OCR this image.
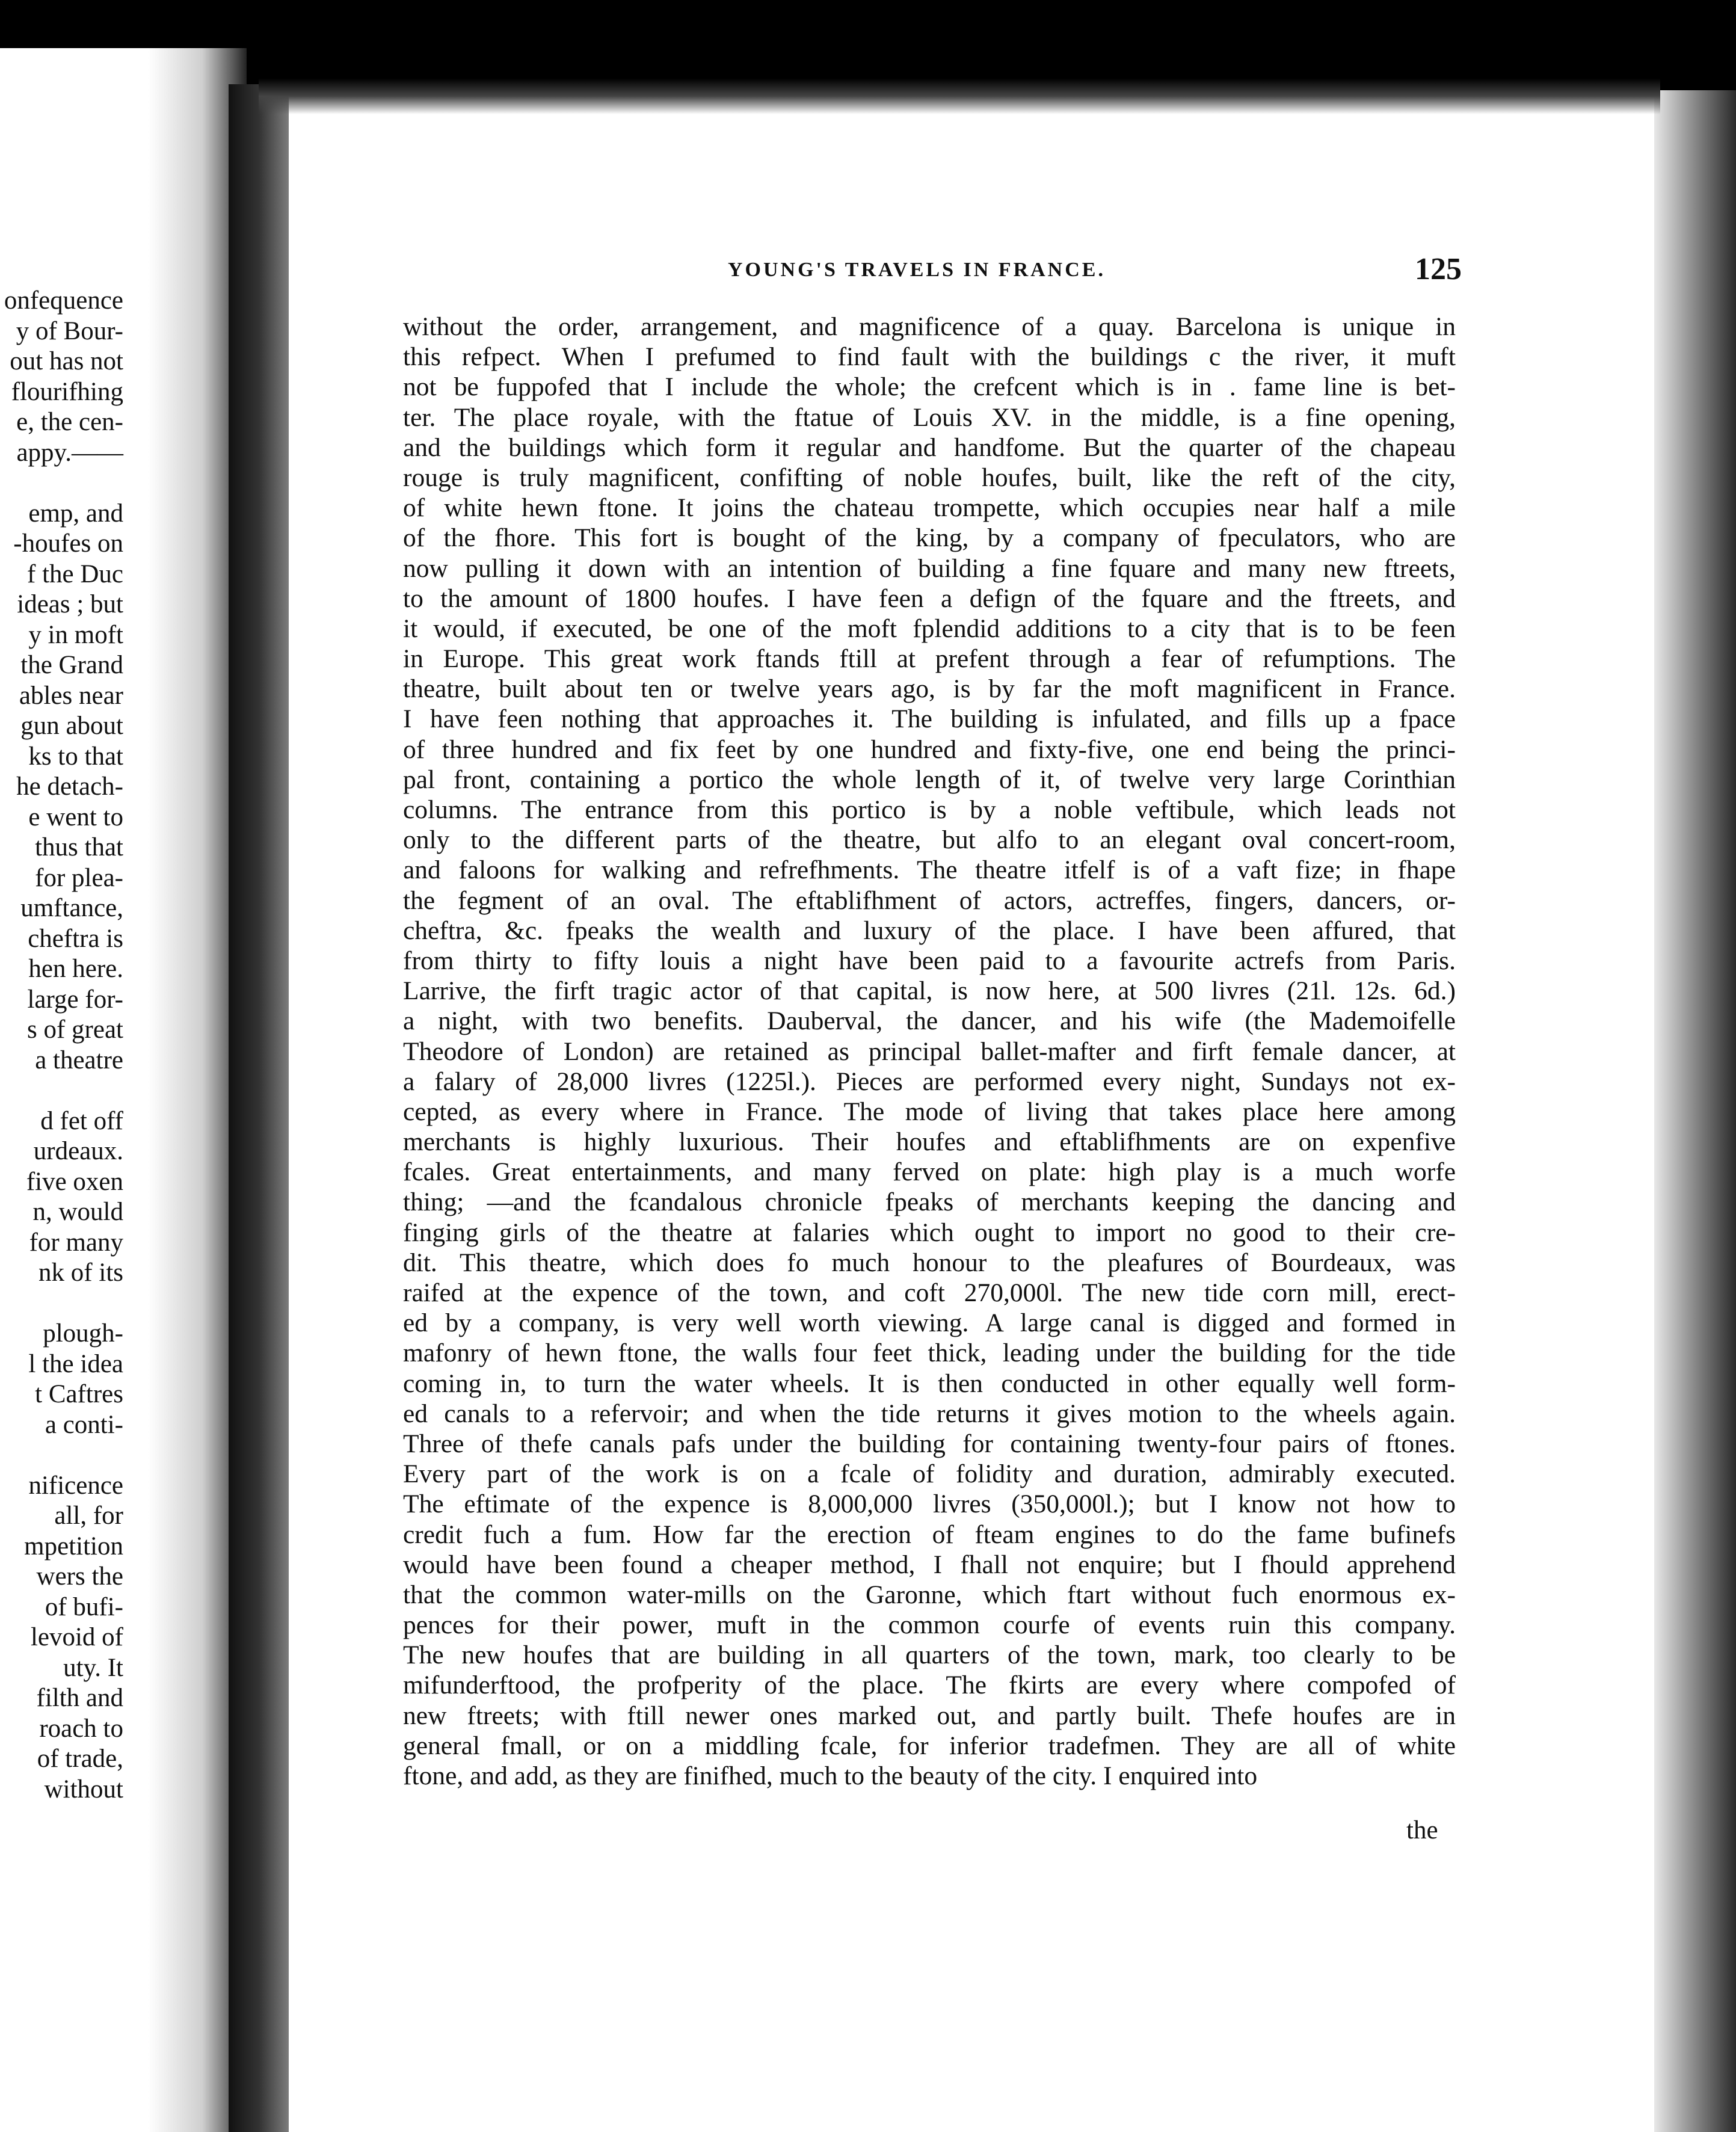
onfequence
y of Bour-
out has not
flourifhing
e, the cen-
appy.——
emp, and
-houfes on
f the Duc
ideas ; but
y in moft
the Grand
ables near
gun about
ks to that
he detach-
e went to
thus that
for plea-
umftance,
cheftra is
hen here.
large for-
s of great
a theatre
d fet off
urdeaux.
five oxen
n, would
for many
nk of its
plough-
l the idea
t Caftres
a conti-
nificence
all, for
mpetition
wers the
of bufi-
levoid of
uty. It
filth and
roach to
of trade,
without
YOUNG'S TRAVELS IN FRANCE.	125
without the order, arrangement, and magnificence of a quay. Barcelona is unique in
this refpect. When I prefumed to find fault with the buildings c the river, it muft
not be fuppofed that I include the whole; the crefcent which is in . fame line is bet-
ter. The place royale, with the ftatue of Louis XV. in the middle, is a fine opening,
and the buildings which form it regular and handfome. But the quarter of the chapeau
rouge is truly magnificent, confifting of noble houfes, built, like the reft of the city,
of white hewn ftone. It joins the chateau trompette, which occupies near half a mile
of the fhore. This fort is bought of the king, by a company of fpeculators, who are
now pulling it down with an intention of building a fine fquare and many new ftreets,
to the amount of 1800 houfes. I have feen a defign of the fquare and the ftreets, and
it would, if executed, be one of the moft fplendid additions to a city that is to be feen
in Europe. This great work ftands ftill at prefent through a fear of refumptions. The
theatre, built about ten or twelve years ago, is by far the moft magnificent in France.
I have feen nothing that approaches it. The building is infulated, and fills up a fpace
of three hundred and fix feet by one hundred and fixty-five, one end being the princi-
pal front, containing a portico the whole length of it, of twelve very large Corinthian
columns. The entrance from this portico is by a noble veftibule, which leads not
only to the different parts of the theatre, but alfo to an elegant oval concert-room,
and faloons for walking and refrefhments. The theatre itfelf is of a vaft fize; in fhape
the fegment of an oval. The eftablifhment of actors, actreffes, fingers, dancers, or-
cheftra, &c. fpeaks the wealth and luxury of the place. I have been affured, that
from thirty to fifty louis a night have been paid to a favourite actrefs from Paris.
Larrive, the firft tragic actor of that capital, is now here, at 500 livres (21l. 12s. 6d.)
a night, with two benefits. Dauberval, the dancer, and his wife (the Mademoifelle
Theodore of London) are retained as principal ballet-mafter and firft female dancer, at
a falary of 28,000 livres (1225l.). Pieces are performed every night, Sundays not ex-
cepted, as every where in France. The mode of living that takes place here among
merchants is highly luxurious. Their houfes and eftablifhments are on expenfive
fcales. Great entertainments, and many ferved on plate: high play is a much worfe
thing; —and the fcandalous chronicle fpeaks of merchants keeping the dancing and
finging girls of the theatre at falaries which ought to import no good to their cre-
dit. This theatre, which does fo much honour to the pleafures of Bourdeaux, was
raifed at the expence of the town, and coft 270,000l. The new tide corn mill, erect-
ed by a company, is very well worth viewing. A large canal is digged and formed in
mafonry of hewn ftone, the walls four feet thick, leading under the building for the tide
coming in, to turn the water wheels. It is then conducted in other equally well form-
ed canals to a refervoir; and when the tide returns it gives motion to the wheels again.
Three of thefe canals pafs under the building for containing twenty-four pairs of ftones.
Every part of the work is on a fcale of folidity and duration, admirably executed.
The eftimate of the expence is 8,000,000 livres (350,000l.); but I know not how to
credit fuch a fum. How far the erection of fteam engines to do the fame bufinefs
would have been found a cheaper method, I fhall not enquire; but I fhould apprehend
that the common water-mills on the Garonne, which ftart without fuch enormous ex-
pences for their power, muft in the common courfe of events ruin this company.
The new houfes that are building in all quarters of the town, mark, too clearly to be
mifunderftood, the profperity of the place. The fkirts are every where compofed of
new ftreets; with ftill newer ones marked out, and partly built. Thefe houfes are in
general fmall, or on a middling fcale, for inferior tradefmen. They are all of white
ftone, and add, as they are finifhed, much to the beauty of the city. I enquired into
the
